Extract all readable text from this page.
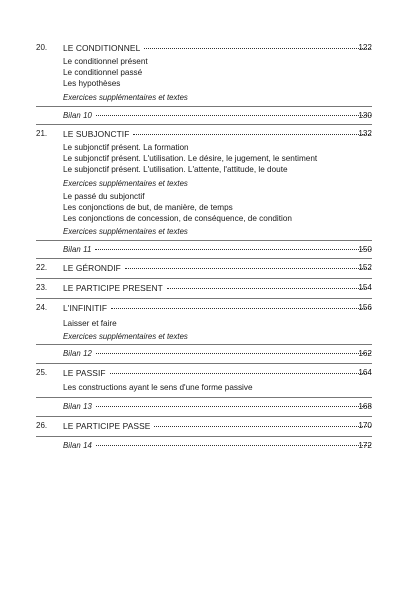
20.	LE CONDITIONNEL	122
Le conditionnel présent
Le conditionnel passé
Les hypothèses
Exercices supplémentaires et textes
Bilan 10	130
21.	LE SUBJONCTIF	132
Le subjonctif présent. La formation
Le subjonctif présent. L'utilisation. Le désire, le jugement, le sentiment
Le subjonctif présent. L'utilisation. L'attente, l'attitude, le doute
Exercices supplémentaires et textes
Le passé du subjonctif
Les conjonctions de but, de manière, de temps
Les conjonctions de concession, de conséquence, de condition
Exercices supplémentaires et textes
Bilan 11	150
22.	LE GÉRONDIF	152
23.	LE PARTICIPE PRESENT	154
24.	L'INFINITIF	156
Laisser et faire
Exercices supplémentaires et textes
Bilan 12	162
25.	LE PASSIF	164
Les constructions ayant le sens d'une forme passive
Bilan 13	168
26.	LE PARTICIPE PASSE	170
Bilan 14	172
